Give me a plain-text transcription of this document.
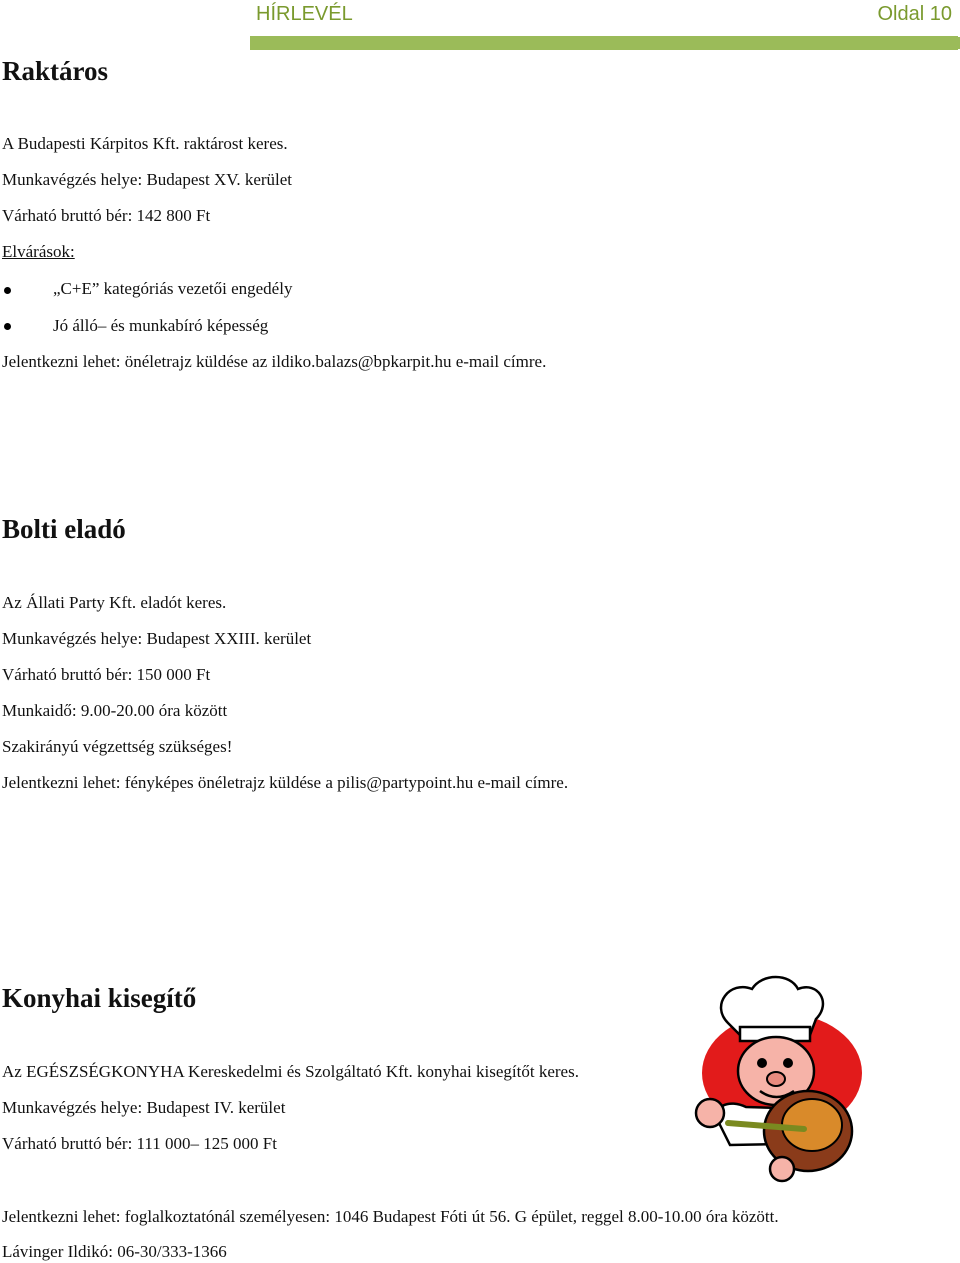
HÍRLEVÉL	Oldal 10
Raktáros
A Budapesti Kárpitos Kft. raktárost keres.
Munkavégzés helye: Budapest XV. kerület
Várható bruttó bér: 142 800 Ft
Elvárások:
„C+E” kategóriás vezetői engedély
Jó álló– és munkabíró képesség
Jelentkezni lehet: önéletrajz küldése az ildiko.balazs@bpkarpit.hu e-mail címre.
Bolti eladó
Az Állati Party Kft. eladót keres.
Munkavégzés helye: Budapest XXIII. kerület
Várható bruttó bér: 150 000 Ft
Munkaidő: 9.00-20.00 óra között
Szakirányú végzettség szükséges!
Jelentkezni lehet: fényképes önéletrajz küldése a pilis@partypoint.hu e-mail címre.
Konyhai kisegítő
Az EGÉSZSÉGKONYHA Kereskedelmi és Szolgáltató Kft. konyhai kisegítőt keres.
Munkavégzés helye: Budapest IV. kerület
Várható bruttó bér: 111 000– 125 000 Ft
Jelentkezni lehet: foglalkoztatónál személyesen: 1046 Budapest Fóti út 56. G épület, reggel 8.00-10.00 óra között.
Lávinger Ildikó: 06-30/333-1366
